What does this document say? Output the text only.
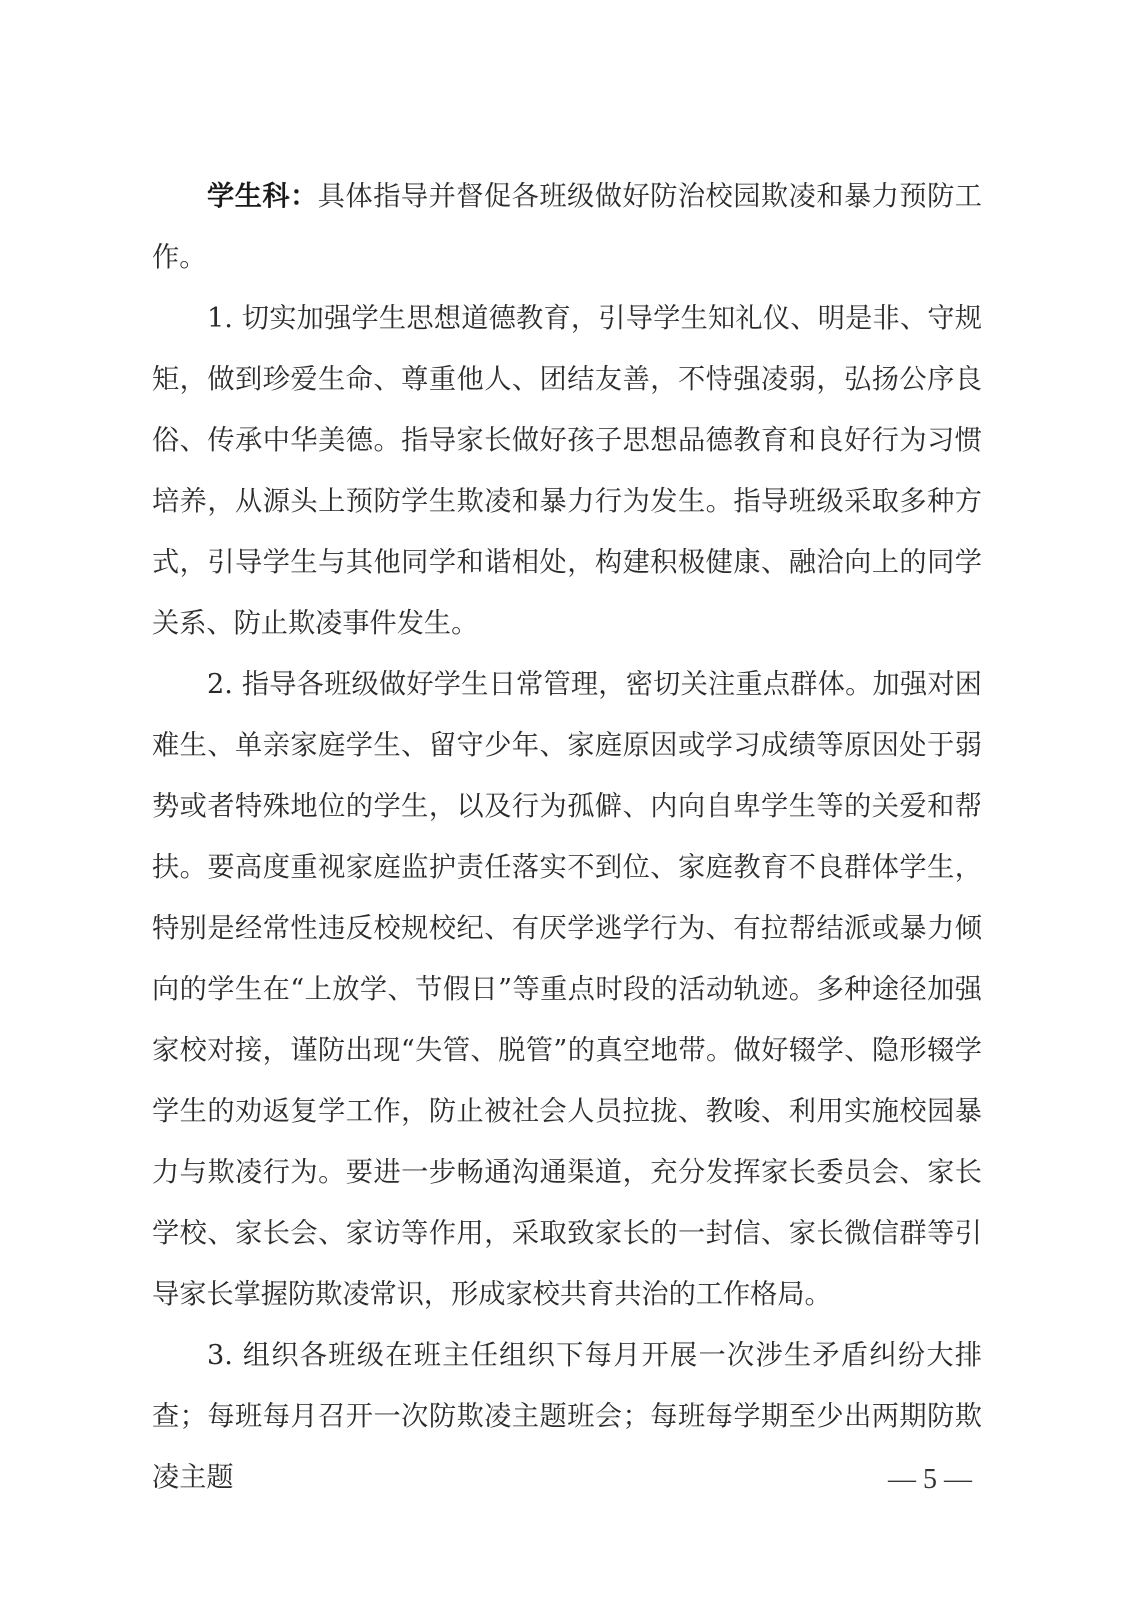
学生科：具体指导并督促各班级做好防治校园欺凌和暴力预防工作。

1. 切实加强学生思想道德教育，引导学生知礼仪、明是非、守规矩，做到珍爱生命、尊重他人、团结友善，不恃强凌弱，弘扬公序良俗、传承中华美德。指导家长做好孩子思想品德教育和良好行为习惯培养，从源头上预防学生欺凌和暴力行为发生。指导班级采取多种方式，引导学生与其他同学和谐相处，构建积极健康、融洽向上的同学关系、防止欺凌事件发生。

2. 指导各班级做好学生日常管理，密切关注重点群体。加强对困难生、单亲家庭学生、留守少年、家庭原因或学习成绩等原因处于弱势或者特殊地位的学生，以及行为孤僻、内向自卑学生等的关爱和帮扶。要高度重视家庭监护责任落实不到位、家庭教育不良群体学生，特别是经常性违反校规校纪、有厌学逃学行为、有拉帮结派或暴力倾向的学生在“上放学、节假日”等重点时段的活动轨迹。多种途径加强家校对接，谨防出现“失管、脱管”的真空地带。做好辍学、隐形辍学学生的劝返复学工作，防止被社会人员拉拢、教唆、利用实施校园暴力与欺凌行为。要进一步畅通沟通渠道，充分发挥家长委员会、家长学校、家长会、家访等作用，采取致家长的一封信、家长微信群等引导家长掌握防欺凌常识，形成家校共育共治的工作格局。

3. 组织各班级在班主任组织下每月开展一次涉生矛盾纠纷大排查；每班每月召开一次防欺凌主题班会；每班每学期至少出两期防欺凌主题	— 5 —
